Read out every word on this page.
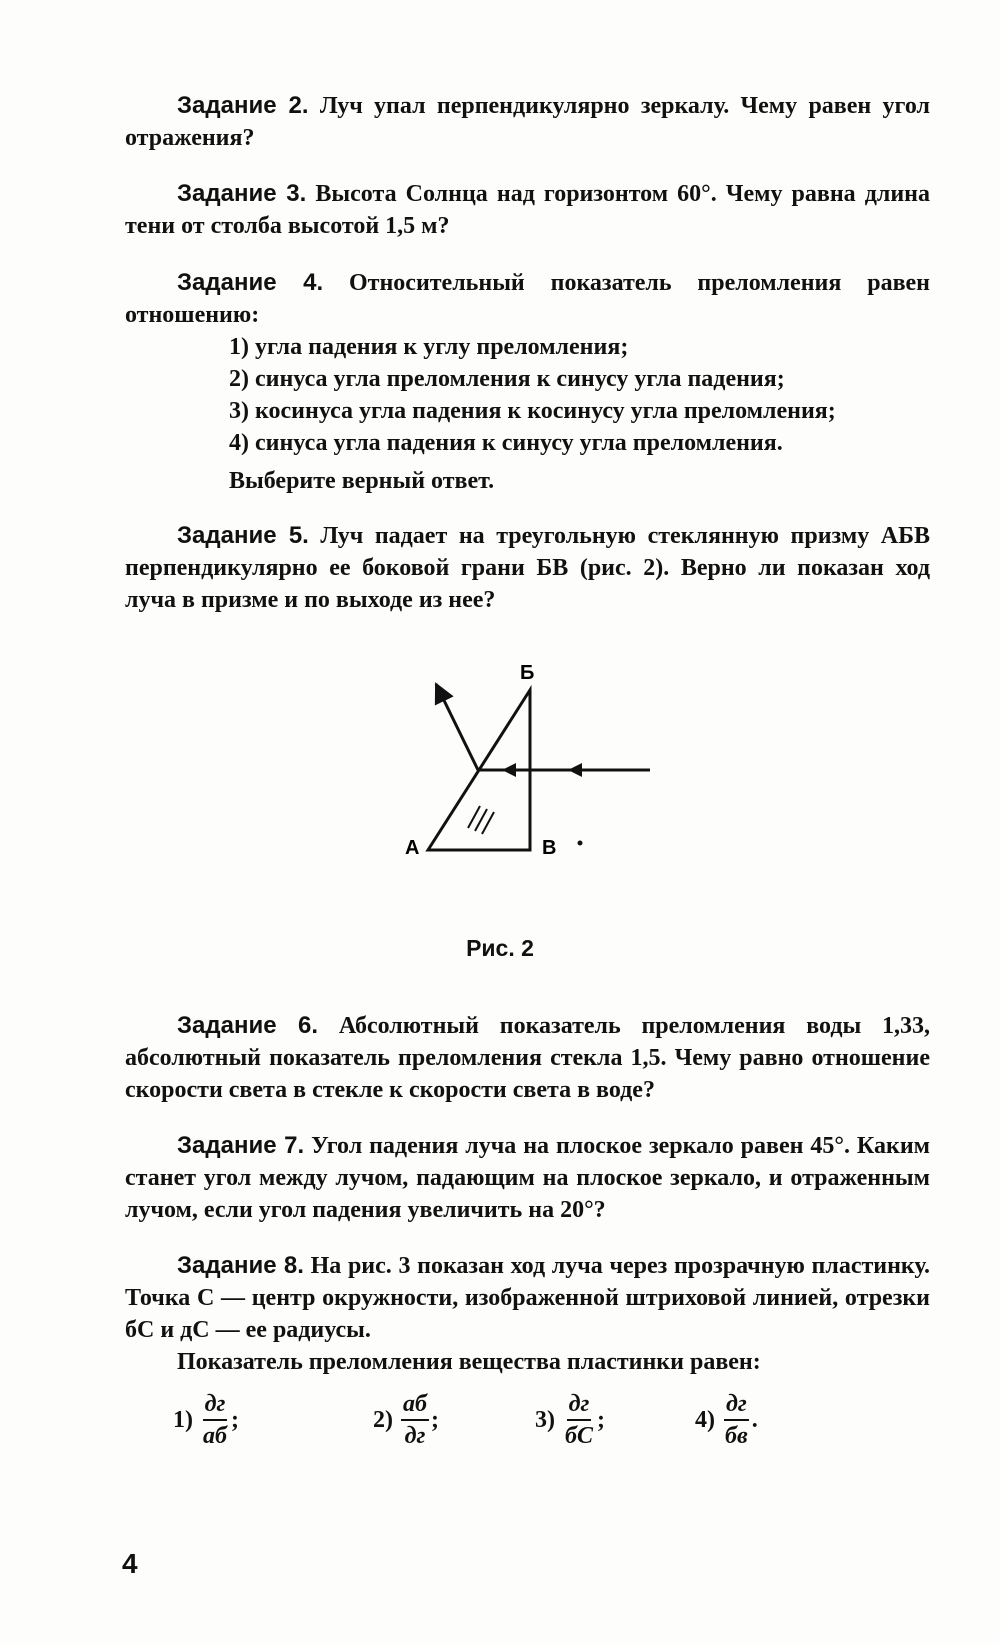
Задание 2. Луч упал перпендикулярно зеркалу. Чему равен угол отражения?

Задание 3. Высота Солнца над горизонтом 60°. Чему равна длина тени от столба высотой 1,5 м?

Задание 4. Относительный показатель преломления равен отношению:

1) угла падения к углу преломления;

2) синуса угла преломления к синусу угла падения;

3) косинуса угла падения к косинусу угла преломления;

4) синуса угла падения к синусу угла преломления.

Выберите верный ответ.

Задание 5. Луч падает на треугольную стеклянную призму АБВ перпендикулярно ее боковой грани БВ (рис. 2). Верно ли показан ход луча в призме и по выходе из нее?

А
Б
В
Рис. 2

Задание 6. Абсолютный показатель преломления воды 1,33, абсолютный показатель преломления стекла 1,5. Чему равно отношение скорости света в стекле к скорости света в воде?

Задание 7. Угол падения луча на плоское зеркало равен 45°. Каким станет угол между лучом, падающим на плоское зеркало, и отраженным лучом, если угол падения увеличить на 20°?

Задание 8. На рис. 3 показан ход луча через прозрачную пластинку. Точка С — центр окружности, изображенной штриховой линией, отрезки бС и дС — ее радиусы.

Показатель преломления вещества пластинки равен:

$1) \frac{дг}{аб}$ ;	$2) \frac{аб}{дг}$ ;	$3) \frac{дг}{бС}$ ;	$4) \frac{дг}{бв}$ .
4
